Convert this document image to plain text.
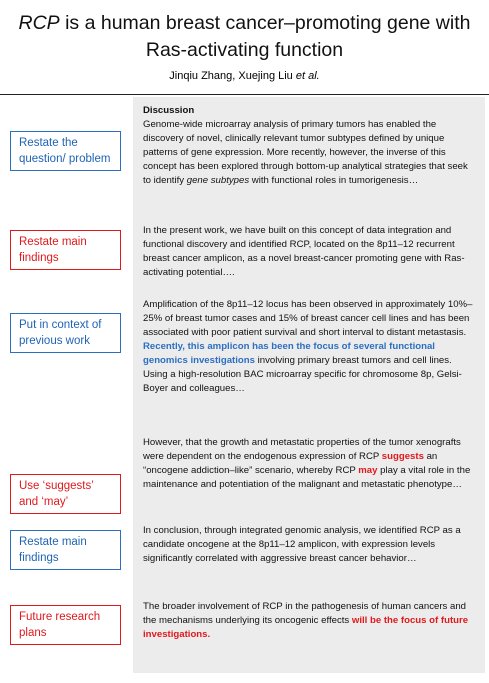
RCP is a human breast cancer–promoting gene with
Ras-activating function
Jinqiu Zhang, Xuejing Liu et al.
Restate the question/ problem
Restate main findings
Put in context of previous work
Use ‘suggests’ and ‘may’
Restate main findings
Future research plans
Discussion
Genome-wide microarray analysis of primary tumors has enabled the discovery of novel, clinically relevant tumor subtypes defined by unique patterns of gene expression. More recently, however, the inverse of this concept has been explored through bottom-up analytical strategies that seek to identify gene subtypes with functional roles in tumorigenesis…
In the present work, we have built on this concept of data integration and functional discovery and identified RCP, located on the 8p11–12 recurrent breast cancer amplicon, as a novel breast-cancer promoting gene with Ras-activating potential….
Amplification of the 8p11–12 locus has been observed in approximately 10%–25% of breast tumor cases and 15% of breast cancer cell lines and has been associated with poor patient survival and short interval to distant metastasis. Recently, this amplicon has been the focus of several functional genomics investigations involving primary breast tumors and cell lines. Using a high-resolution BAC microarray specific for chromosome 8p, Gelsi-Boyer and colleagues…
However, that the growth and metastatic properties of the tumor xenografts were dependent on the endogenous expression of RCP suggests an “oncogene addiction–like” scenario, whereby RCP may play a vital role in the maintenance and potentiation of the malignant and metastatic phenotype…
In conclusion, through integrated genomic analysis, we identified RCP as a candidate oncogene at the 8p11–12 amplicon, with expression levels significantly correlated with aggressive breast cancer behavior…
The broader involvement of RCP in the pathogenesis of human cancers and the mechanisms underlying its oncogenic effects will be the focus of future investigations.
